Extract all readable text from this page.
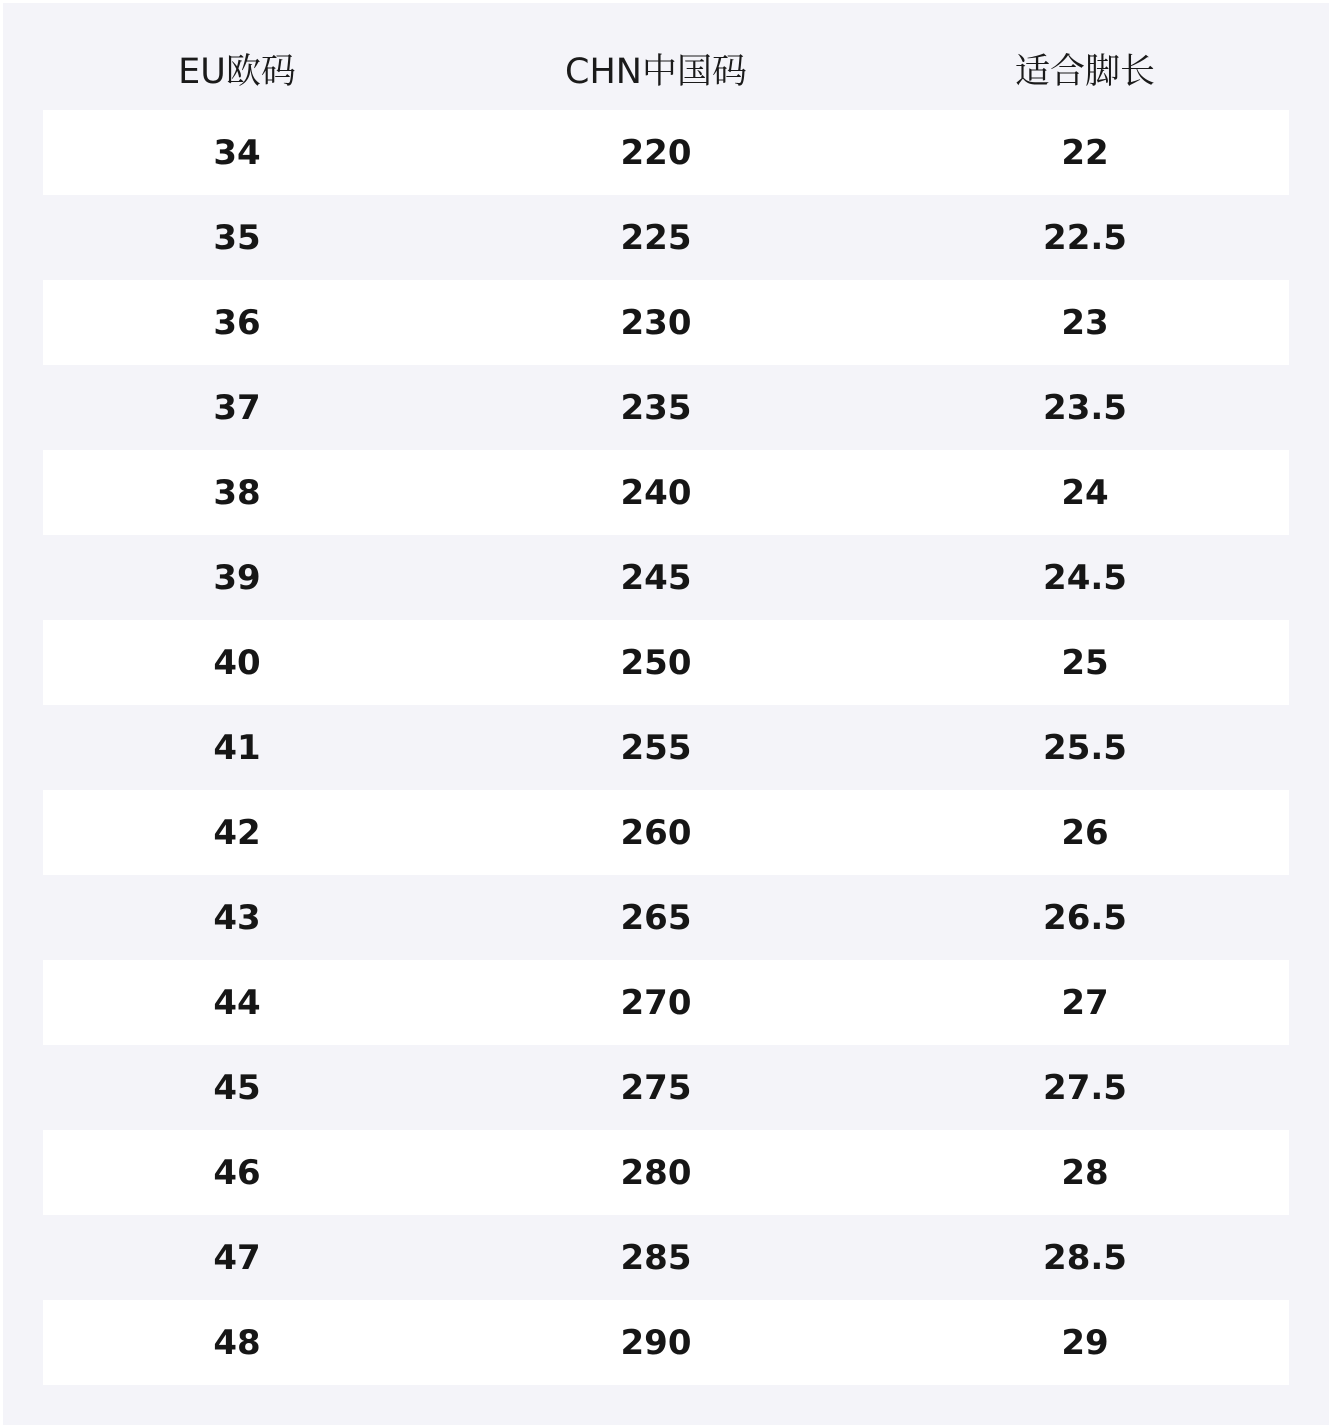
EU欧码	CHN中国码	适合脚长
34	220	22
35	225	22.5
36	230	23
37	235	23.5
38	240	24
39	245	24.5
40	250	25
41	255	25.5
42	260	26
43	265	26.5
44	270	27
45	275	27.5
46	280	28
47	285	28.5
48	290	29
